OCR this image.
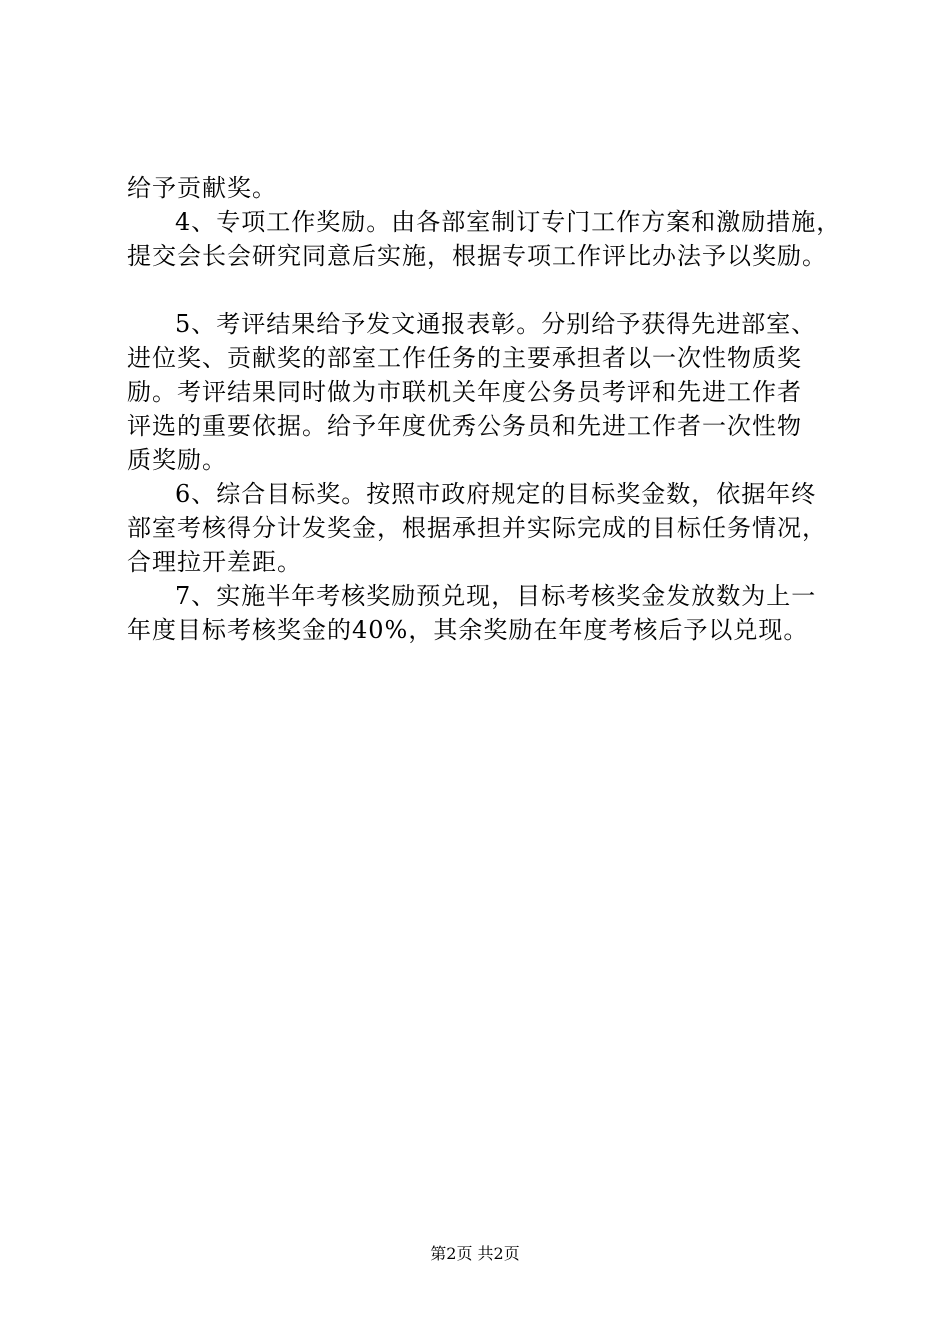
给予贡献奖。
4、专项工作奖励。由各部室制订专门工作方案和激励措施，
提交会长会研究同意后实施，根据专项工作评比办法予以奖励。
5、考评结果给予发文通报表彰。分别给予获得先进部室、
进位奖、贡献奖的部室工作任务的主要承担者以一次性物质奖
励。考评结果同时做为市联机关年度公务员考评和先进工作者
评选的重要依据。给予年度优秀公务员和先进工作者一次性物
质奖励。
6、综合目标奖。按照市政府规定的目标奖金数，依据年终
部室考核得分计发奖金，根据承担并实际完成的目标任务情况，
合理拉开差距。
7、实施半年考核奖励预兑现，目标考核奖金发放数为上一
年度目标考核奖金的40%，其余奖励在年度考核后予以兑现。
第2页 共2页
